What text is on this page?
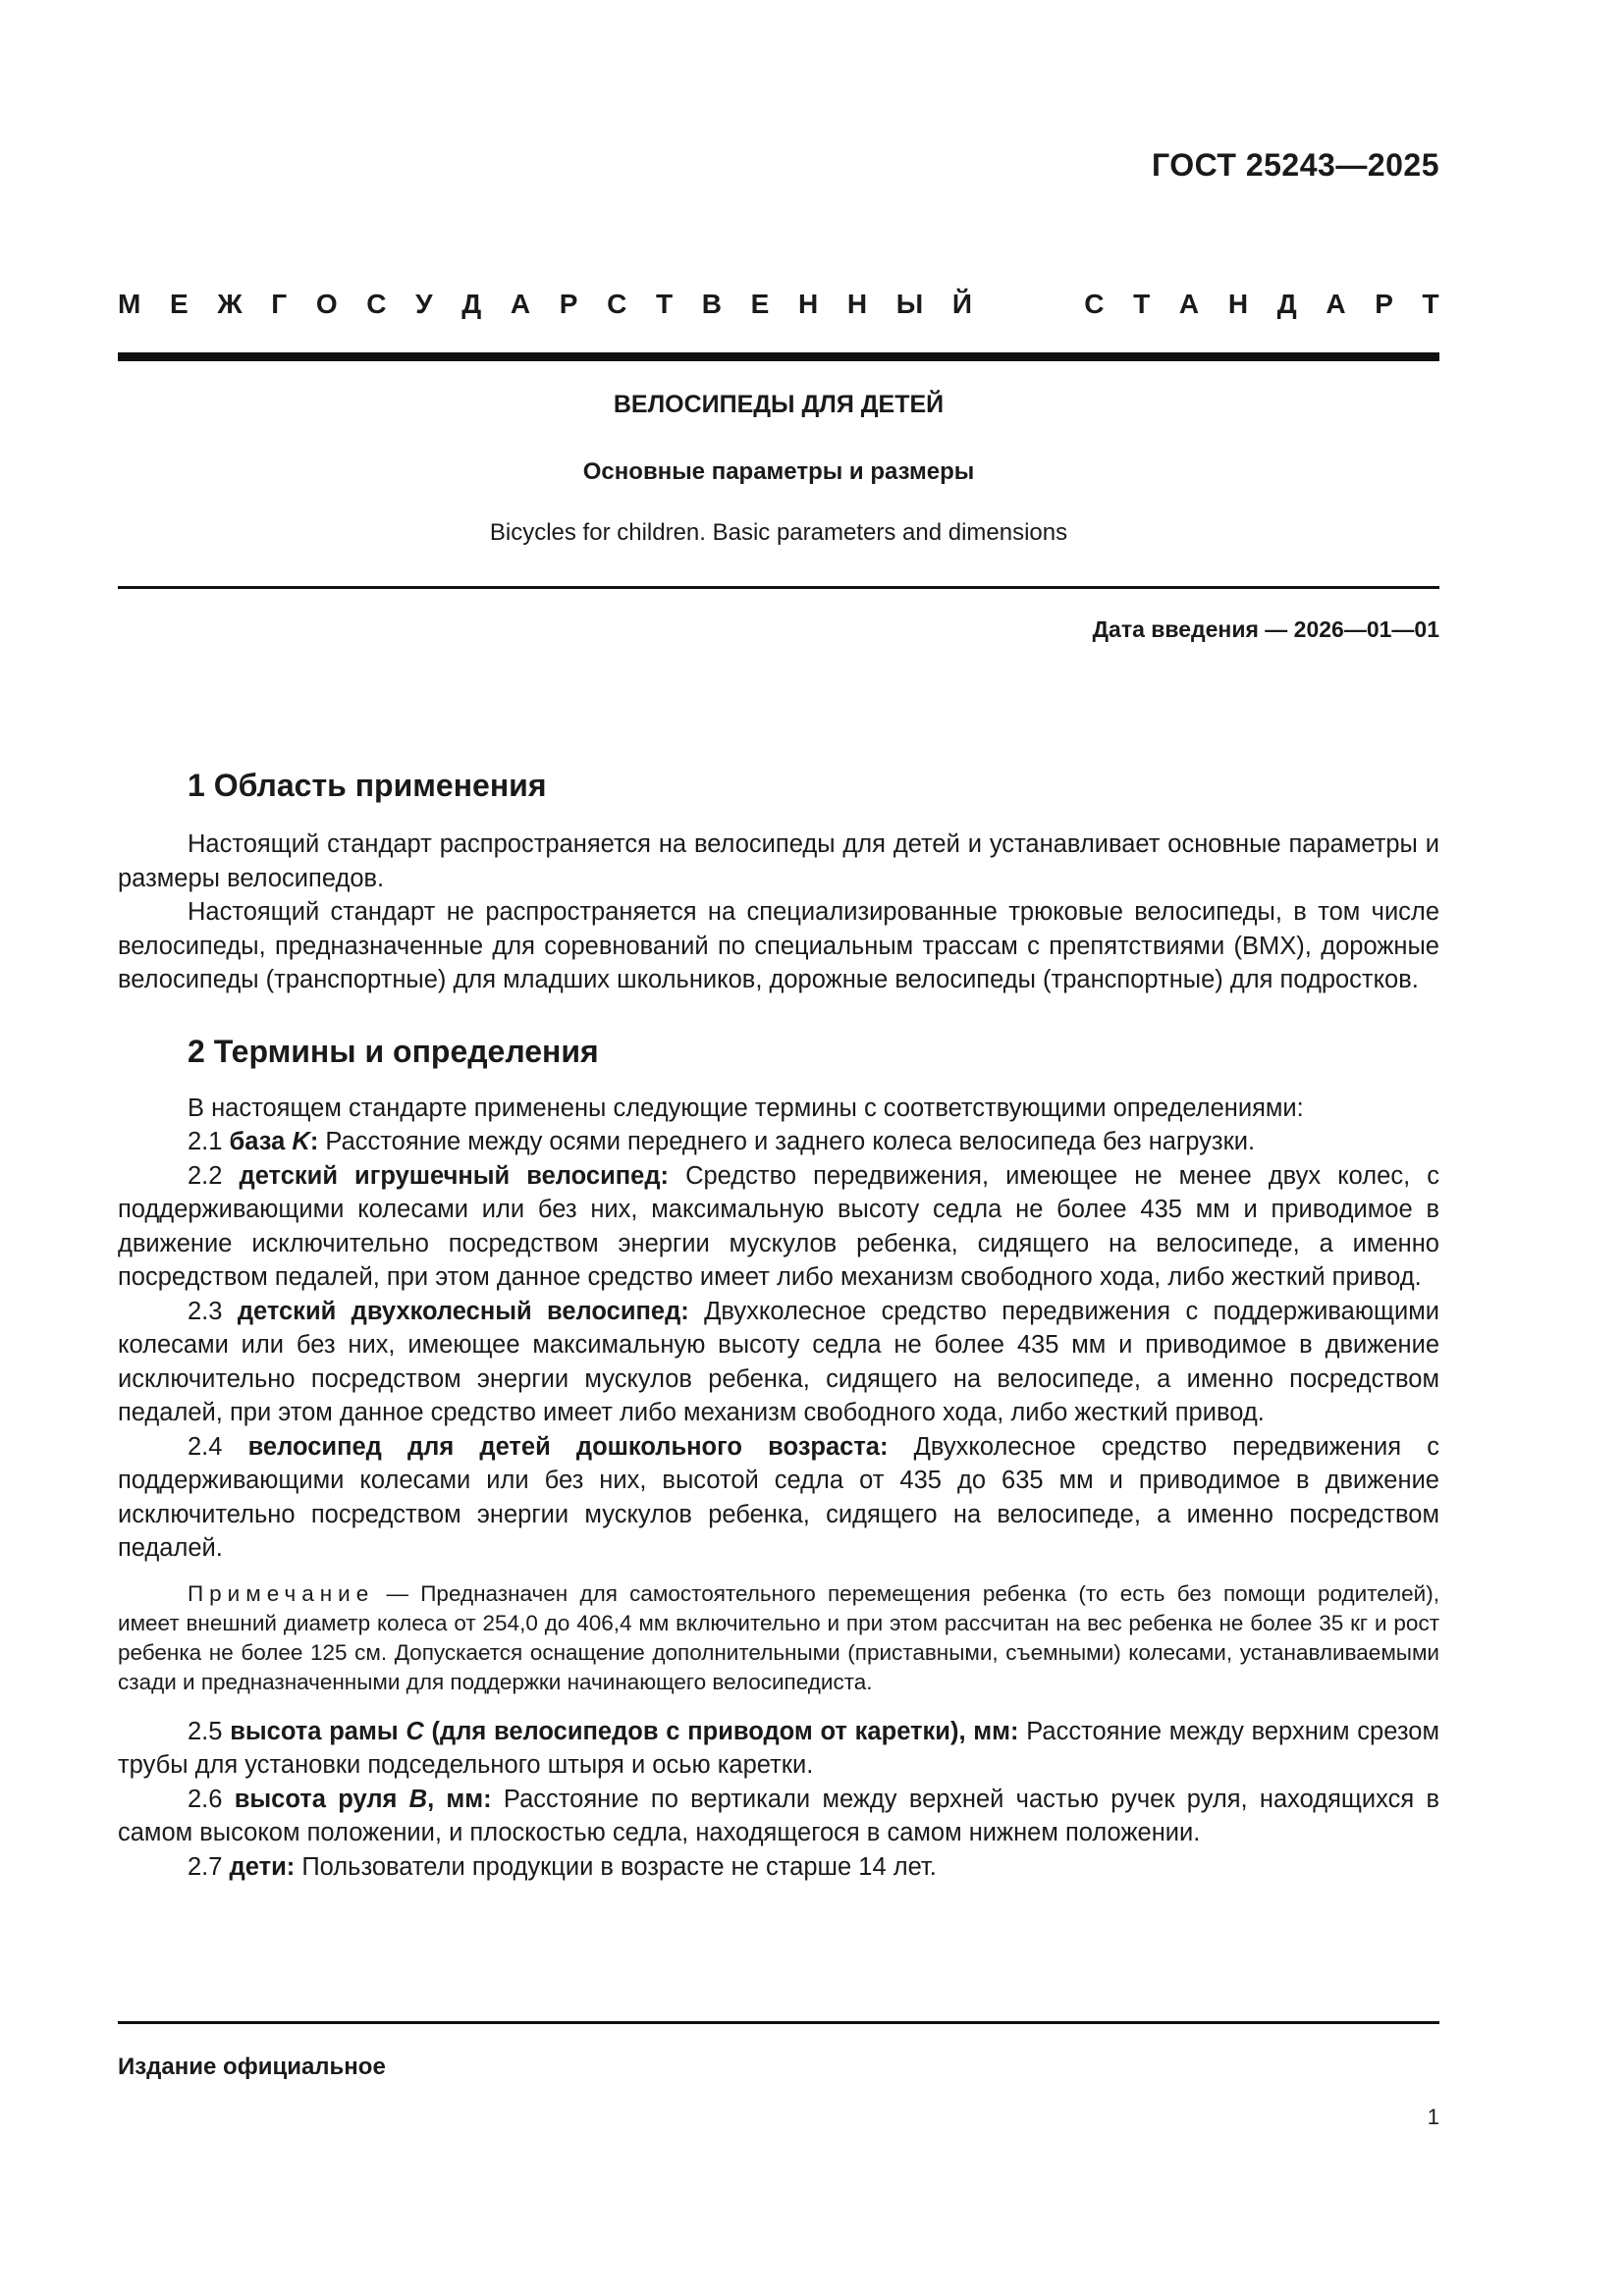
ГОСТ 25243—2025
М Е Ж Г О С У Д А Р С Т В Е Н Н Ы Й	С Т А Н Д А Р Т
ВЕЛОСИПЕДЫ ДЛЯ ДЕТЕЙ
Основные параметры и размеры
Bicycles for children. Basic parameters and dimensions
Дата введения — 2026—01—01
1 Область применения

Настоящий стандарт распространяется на велосипеды для детей и устанавливает основные параметры и размеры велосипедов.

Настоящий стандарт не распространяется на специализированные трюковые велосипеды, в том числе велосипеды, предназначенные для соревнований по специальным трассам с препятствиями (BMX), дорожные велосипеды (транспортные) для младших школьников, дорожные велосипеды (транспортные) для подростков.

2 Термины и определения

В настоящем стандарте применены следующие термины с соответствующими определениями:

2.1 база K: Расстояние между осями переднего и заднего колеса велосипеда без нагрузки.

2.2 детский игрушечный велосипед: Средство передвижения, имеющее не менее двух колес, с поддерживающими колесами или без них, максимальную высоту седла не более 435 мм и приводимое в движение исключительно посредством энергии мускулов ребенка, сидящего на велосипеде, а именно посредством педалей, при этом данное средство имеет либо механизм свободного хода, либо жесткий привод.

2.3 детский двухколесный велосипед: Двухколесное средство передвижения с поддерживающими колесами или без них, имеющее максимальную высоту седла не более 435 мм и приводимое в движение исключительно посредством энергии мускулов ребенка, сидящего на велосипеде, а именно посредством педалей, при этом данное средство имеет либо механизм свободного хода, либо жесткий привод.

2.4 велосипед для детей дошкольного возраста: Двухколесное средство передвижения с поддерживающими колесами или без них, высотой седла от 435 до 635 мм и приводимое в движение исключительно посредством энергии мускулов ребенка, сидящего на велосипеде, а именно посредством педалей.

Примечание — Предназначен для самостоятельного перемещения ребенка (то есть без помощи родителей), имеет внешний диаметр колеса от 254,0 до 406,4 мм включительно и при этом рассчитан на вес ребенка не более 35 кг и рост ребенка не более 125 см. Допускается оснащение дополнительными (приставными, съемными) колесами, устанавливаемыми сзади и предназначенными для поддержки начинающего велосипедиста.

2.5 высота рамы C (для велосипедов с приводом от каретки), мм: Расстояние между верхним срезом трубы для установки подседельного штыря и осью каретки.

2.6 высота руля B, мм: Расстояние по вертикали между верхней частью ручек руля, находящихся в самом высоком положении, и плоскостью седла, находящегося в самом нижнем положении.

2.7 дети: Пользователи продукции в возрасте не старше 14 лет.

Издание официальное
1
